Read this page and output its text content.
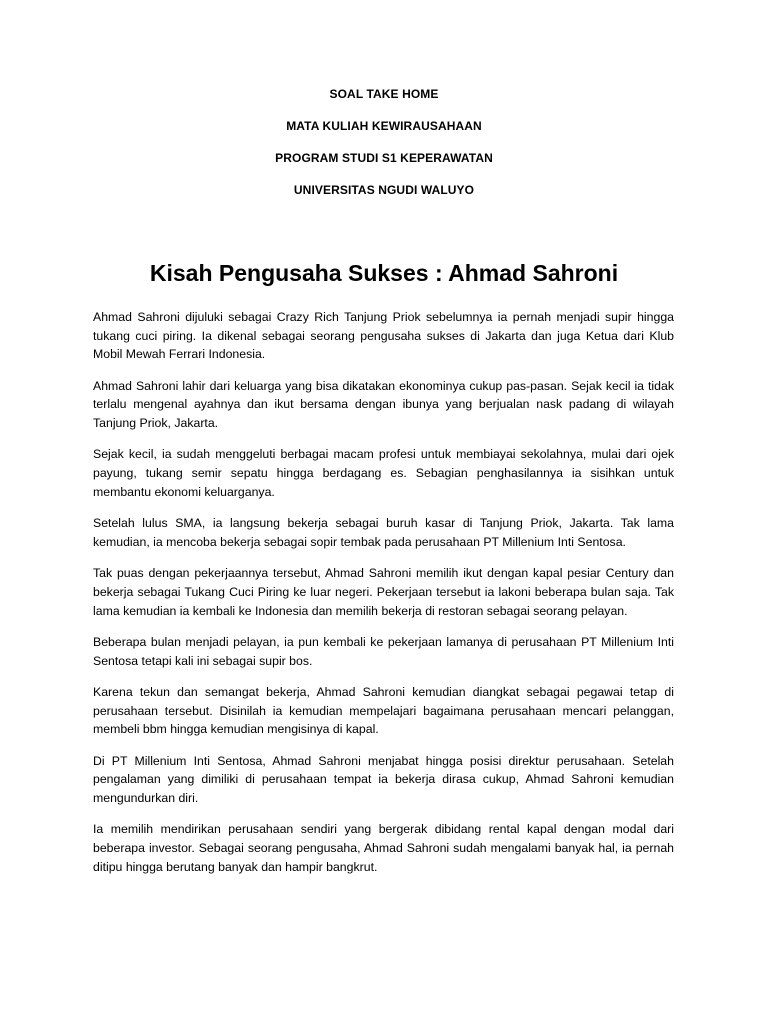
SOAL TAKE HOME

MATA KULIAH KEWIRAUSAHAAN

PROGRAM STUDI S1 KEPERAWATAN

UNIVERSITAS NGUDI WALUYO

Kisah Pengusaha Sukses : Ahmad Sahroni

Ahmad Sahroni dijuluki sebagai Crazy Rich Tanjung Priok sebelumnya ia pernah menjadi supir hingga tukang cuci piring. Ia dikenal sebagai seorang pengusaha sukses di Jakarta dan juga Ketua dari Klub Mobil Mewah Ferrari Indonesia.

Ahmad Sahroni lahir dari keluarga yang bisa dikatakan ekonominya cukup pas-pasan. Sejak kecil ia tidak terlalu mengenal ayahnya dan ikut bersama dengan ibunya yang berjualan nask padang di wilayah Tanjung Priok, Jakarta.

Sejak kecil, ia sudah menggeluti berbagai macam profesi untuk membiayai sekolahnya, mulai dari ojek payung, tukang semir sepatu hingga berdagang es. Sebagian penghasilannya ia sisihkan untuk membantu ekonomi keluarganya.

Setelah lulus SMA, ia langsung bekerja sebagai buruh kasar di Tanjung Priok, Jakarta. Tak lama kemudian, ia mencoba bekerja sebagai sopir tembak pada perusahaan PT Millenium Inti Sentosa.

Tak puas dengan pekerjaannya tersebut, Ahmad Sahroni memilih ikut dengan kapal pesiar Century dan bekerja sebagai Tukang Cuci Piring ke luar negeri. Pekerjaan tersebut ia lakoni beberapa bulan saja. Tak lama kemudian ia kembali ke Indonesia dan memilih bekerja di restoran sebagai seorang pelayan.

Beberapa bulan menjadi pelayan, ia pun kembali ke pekerjaan lamanya di perusahaan PT Millenium Inti Sentosa tetapi kali ini sebagai supir bos.

Karena tekun dan semangat bekerja, Ahmad Sahroni kemudian diangkat sebagai pegawai tetap di perusahaan tersebut. Disinilah ia kemudian mempelajari bagaimana perusahaan mencari pelanggan, membeli bbm hingga kemudian mengisinya di kapal.

Di PT Millenium Inti Sentosa, Ahmad Sahroni menjabat hingga posisi direktur perusahaan. Setelah pengalaman yang dimiliki di perusahaan tempat ia bekerja dirasa cukup, Ahmad Sahroni kemudian mengundurkan diri.

Ia memilih mendirikan perusahaan sendiri yang bergerak dibidang rental kapal dengan modal dari beberapa investor. Sebagai seorang pengusaha, Ahmad Sahroni sudah mengalami banyak hal, ia pernah ditipu hingga berutang banyak dan hampir bangkrut.
